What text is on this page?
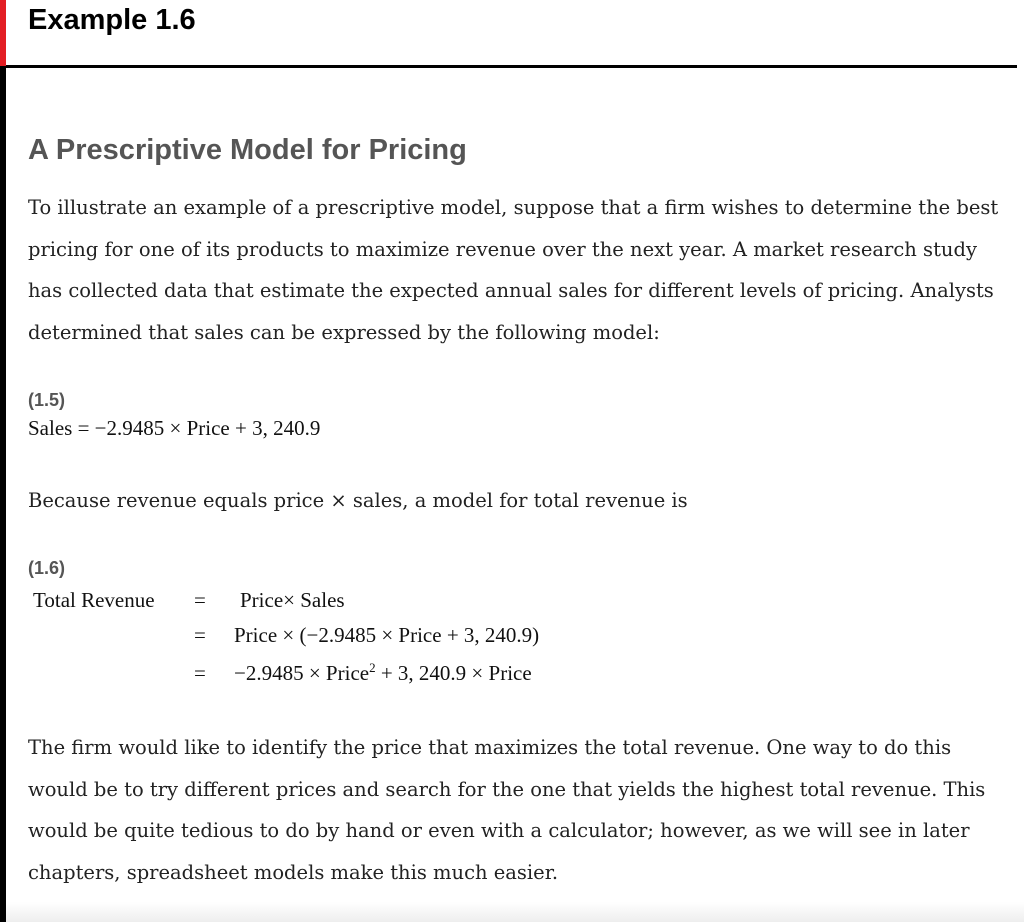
Example 1.6
A Prescriptive Model for Pricing

To illustrate an example of a prescriptive model, suppose that a firm wishes to determine the best pricing for one of its products to maximize revenue over the next year. A market research study has collected data that estimate the expected annual sales for different levels of pricing. Analysts determined that sales can be expressed by the following model:

(1.5)
Sales = −2.9485 × Price + 3, 240.9

Because revenue equals price × sales, a model for total revenue is

(1.6)
Total Revenue =
=
=
Price× Sales
Price × (−2.9485 × Price + 3, 240.9)
−2.9485 × Price$^2$ + 3, 240.9 × Price

The firm would like to identify the price that maximizes the total revenue. One way to do this would be to try different prices and search for the one that yields the highest total revenue. This would be quite tedious to do by hand or even with a calculator; however, as we will see in later chapters, spreadsheet models make this much easier.
